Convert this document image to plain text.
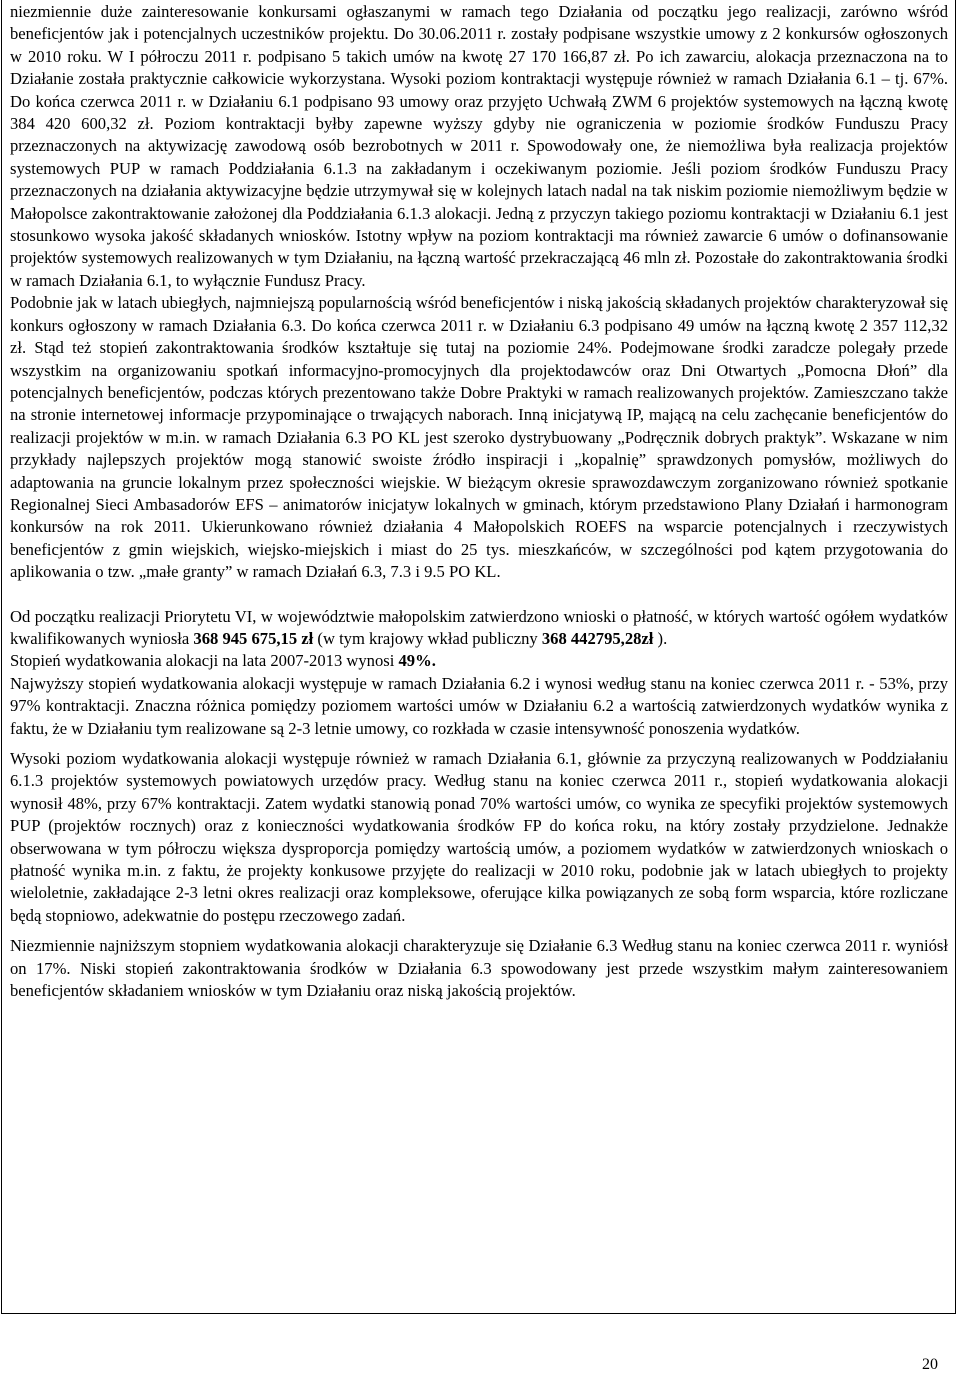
niezmiennie duże zainteresowanie konkursami ogłaszanymi w ramach tego Działania od początku jego realizacji, zarówno wśród beneficjentów jak i potencjalnych uczestników projektu. Do 30.06.2011 r. zostały podpisane wszystkie umowy z 2 konkursów ogłoszonych w 2010 roku. W I półroczu 2011 r. podpisano 5 takich umów na kwotę 27 170 166,87 zł. Po ich zawarciu, alokacja przeznaczona na to Działanie została praktycznie całkowicie wykorzystana. Wysoki poziom kontraktacji występuje również w ramach Działania 6.1 – tj. 67%. Do końca czerwca 2011 r. w Działaniu 6.1 podpisano 93 umowy oraz przyjęto Uchwałą ZWM 6 projektów systemowych na łączną kwotę 384 420 600,32 zł. Poziom kontraktacji byłby zapewne wyższy gdyby nie ograniczenia w poziomie środków Funduszu Pracy przeznaczonych na aktywizację zawodową osób bezrobotnych w 2011 r. Spowodowały one, że niemożliwa była realizacja projektów systemowych PUP w ramach Poddziałania 6.1.3 na zakładanym i oczekiwanym poziomie. Jeśli poziom środków Funduszu Pracy przeznaczonych na działania aktywizacyjne będzie utrzymywał się w kolejnych latach nadal na tak niskim poziomie niemożliwym będzie w Małopolsce zakontraktowanie założonej dla Poddziałania 6.1.3 alokacji. Jedną z przyczyn takiego poziomu kontraktacji w Działaniu 6.1 jest stosunkowo wysoka jakość składanych wniosków. Istotny wpływ na poziom kontraktacji ma również zawarcie 6 umów o dofinansowanie projektów systemowych realizowanych w tym Działaniu, na łączną wartość przekraczającą 46 mln zł. Pozostałe do zakontraktowania środki w ramach Działania 6.1, to wyłącznie Fundusz Pracy.

Podobnie jak w latach ubiegłych, najmniejszą popularnością wśród beneficjentów i niską jakością składanych projektów charakteryzował się konkurs ogłoszony w ramach Działania 6.3. Do końca czerwca 2011 r. w Działaniu 6.3 podpisano 49 umów na łączną kwotę 2 357 112,32 zł. Stąd też stopień zakontraktowania środków kształtuje się tutaj na poziomie 24%. Podejmowane środki zaradcze polegały przede wszystkim na organizowaniu spotkań informacyjno-promocyjnych dla projektodawców oraz Dni Otwartych „Pomocna Dłoń” dla potencjalnych beneficjentów, podczas których prezentowano także Dobre Praktyki w ramach realizowanych projektów. Zamieszczano także na stronie internetowej informacje przypominające o trwających naborach. Inną inicjatywą IP, mającą na celu zachęcanie beneficjentów do realizacji projektów w m.in. w ramach Działania 6.3 PO KL jest szeroko dystrybuowany „Podręcznik dobrych praktyk”. Wskazane w nim przykłady najlepszych projektów mogą stanowić swoiste źródło inspiracji i „kopalnię” sprawdzonych pomysłów, możliwych do adaptowania na gruncie lokalnym przez społeczności wiejskie. W bieżącym okresie sprawozdawczym zorganizowano również spotkanie Regionalnej Sieci Ambasadorów EFS – animatorów inicjatyw lokalnych w gminach, którym przedstawiono Plany Działań i harmonogram konkursów na rok 2011. Ukierunkowano również działania 4 Małopolskich ROEFS na wsparcie potencjalnych i rzeczywistych beneficjentów z gmin wiejskich, wiejsko-miejskich i miast do 25 tys. mieszkańców, w szczególności pod kątem przygotowania do aplikowania o tzw. „małe granty” w ramach Działań 6.3, 7.3 i 9.5 PO KL.

Od początku realizacji Priorytetu VI, w województwie małopolskim zatwierdzono wnioski o płatność, w których wartość ogółem wydatków kwalifikowanych wyniosła 368 945 675,15 zł (w tym krajowy wkład publiczny 368 442795,28zł ).

Stopień wydatkowania alokacji na lata 2007-2013 wynosi 49%.

Najwyższy stopień wydatkowania alokacji występuje w ramach Działania 6.2 i wynosi według stanu na koniec czerwca 2011 r. - 53%, przy 97% kontraktacji. Znaczna różnica pomiędzy poziomem wartości umów w Działaniu 6.2 a wartością zatwierdzonych wydatków wynika z faktu, że w Działaniu tym realizowane są 2-3 letnie umowy, co rozkłada w czasie intensywność ponoszenia wydatków.

Wysoki poziom wydatkowania alokacji występuje również w ramach Działania 6.1, głównie za przyczyną realizowanych w Poddziałaniu 6.1.3 projektów systemowych powiatowych urzędów pracy. Według stanu na koniec czerwca 2011 r., stopień wydatkowania alokacji wynosił 48%, przy 67% kontraktacji. Zatem wydatki stanowią ponad 70% wartości umów, co wynika ze specyfiki projektów systemowych PUP (projektów rocznych) oraz z konieczności wydatkowania środków FP do końca roku, na który zostały przydzielone. Jednakże obserwowana w tym półroczu większa dysproporcja pomiędzy wartością umów, a poziomem wydatków w zatwierdzonych wnioskach o płatność wynika m.in. z faktu, że projekty konkusowe przyjęte do realizacji w 2010 roku, podobnie jak w latach ubiegłych to projekty wieloletnie, zakładające 2-3 letni okres realizacji oraz kompleksowe, oferujące kilka powiązanych ze sobą form wsparcia, które rozliczane będą stopniowo, adekwatnie do postępu rzeczowego zadań.

Niezmiennie najniższym stopniem wydatkowania alokacji charakteryzuje się Działanie 6.3 Według stanu na koniec czerwca 2011 r. wyniósł on 17%. Niski stopień zakontraktowania środków w Działania 6.3 spowodowany jest przede wszystkim małym zainteresowaniem beneficjentów składaniem wniosków w tym Działaniu oraz niską jakością projektów.

20
